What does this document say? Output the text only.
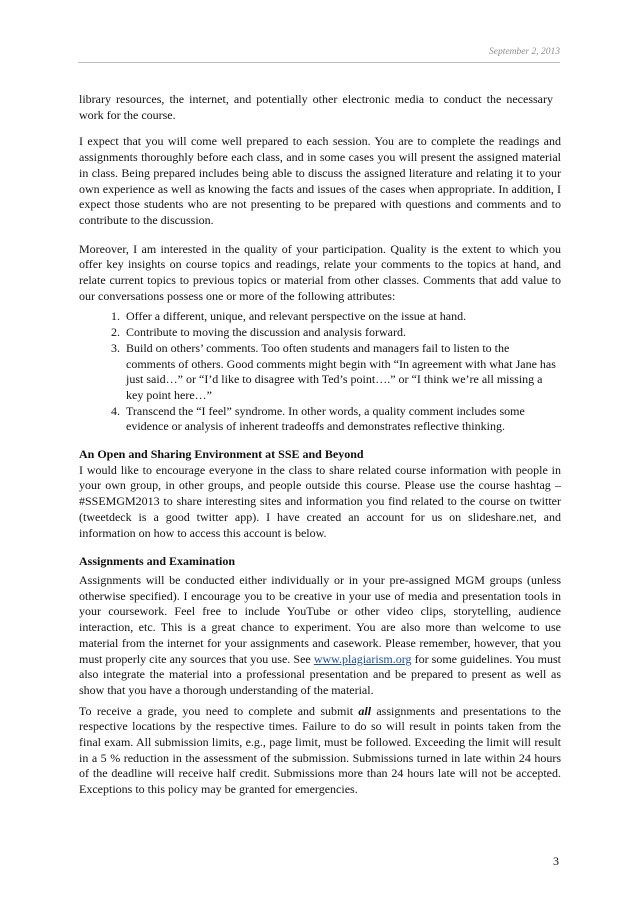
September 2, 2013

library resources, the internet, and potentially other electronic media to conduct the necessary work for the course.

I expect that you will come well prepared to each session. You are to complete the readings and assignments thoroughly before each class, and in some cases you will present the assigned material in class. Being prepared includes being able to discuss the assigned literature and relating it to your own experience as well as knowing the facts and issues of the cases when appropriate. In addition, I expect those students who are not presenting to be prepared with questions and comments and to contribute to the discussion.

Moreover, I am interested in the quality of your participation. Quality is the extent to which you offer key insights on course topics and readings, relate your comments to the topics at hand, and relate current topics to previous topics or material from other classes. Comments that add value to our conversations possess one or more of the following attributes:

1. Offer a different, unique, and relevant perspective on the issue at hand.
2. Contribute to moving the discussion and analysis forward.
3. Build on others’ comments. Too often students and managers fail to listen to the comments of others. Good comments might begin with “In agreement with what Jane has just said…” or “I’d like to disagree with Ted’s point….” or “I think we’re all missing a key point here…”
4. Transcend the “I feel” syndrome. In other words, a quality comment includes some evidence or analysis of inherent tradeoffs and demonstrates reflective thinking.
An Open and Sharing Environment at SSE and Beyond

I would like to encourage everyone in the class to share related course information with people in your own group, in other groups, and people outside this course. Please use the course hashtag – #SSEMGM2013 to share interesting sites and information you find related to the course on twitter (tweetdeck is a good twitter app). I have created an account for us on slideshare.net, and information on how to access this account is below.

Assignments and Examination

Assignments will be conducted either individually or in your pre-assigned MGM groups (unless otherwise specified). I encourage you to be creative in your use of media and presentation tools in your coursework. Feel free to include YouTube or other video clips, storytelling, audience interaction, etc. This is a great chance to experiment. You are also more than welcome to use material from the internet for your assignments and casework. Please remember, however, that you must properly cite any sources that you use. See www.plagiarism.org for some guidelines. You must also integrate the material into a professional presentation and be prepared to present as well as show that you have a thorough understanding of the material.

To receive a grade, you need to complete and submit all assignments and presentations to the respective locations by the respective times. Failure to do so will result in points taken from the final exam. All submission limits, e.g., page limit, must be followed. Exceeding the limit will result in a 5 % reduction in the assessment of the submission. Submissions turned in late within 24 hours of the deadline will receive half credit. Submissions more than 24 hours late will not be accepted. Exceptions to this policy may be granted for emergencies.

3
